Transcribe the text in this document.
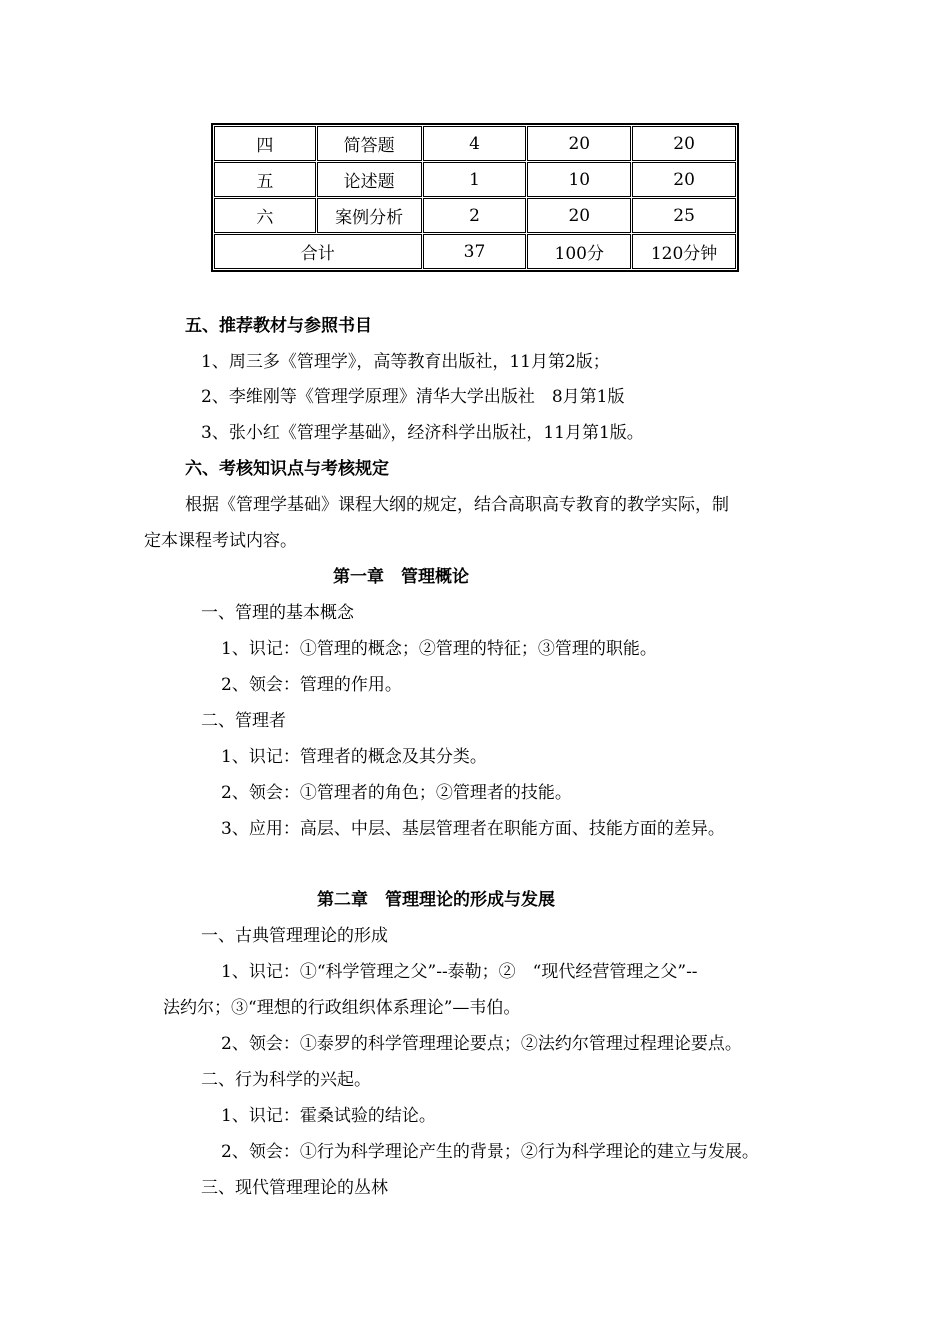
四	简答题	4	20	20
五	论述题	1	10	20
六	案例分析	2	20	25
合计		37	100分	120分钟
五、推荐教材与参照书目
1、周三多《管理学》，高等教育出版社，11月第2版；
2、李维刚等《管理学原理》清华大学出版社　8月第1版
3、张小红《管理学基础》，经济科学出版社，11月第1版。
六、考核知识点与考核规定
根据《管理学基础》课程大纲的规定，结合高职高专教育的教学实际，制
定本课程考试内容。
第一章　管理概论
一、管理的基本概念
1、识记：①管理的概念；②管理的特征；③管理的职能。
2、领会：管理的作用。
二、管理者
1、识记：管理者的概念及其分类。
2、领会：①管理者的角色；②管理者的技能。
3、应用：高层、中层、基层管理者在职能方面、技能方面的差异。
第二章　管理理论的形成与发展
一、古典管理理论的形成
1、识记：①“科学管理之父”--泰勒；②　“现代经营管理之父”--
法约尔；③“理想的行政组织体系理论”—韦伯。
2、领会：①泰罗的科学管理理论要点；②法约尔管理过程理论要点。
二、行为科学的兴起。
1、识记：霍桑试验的结论。
2、领会：①行为科学理论产生的背景；②行为科学理论的建立与发展。
三、现代管理理论的丛林
